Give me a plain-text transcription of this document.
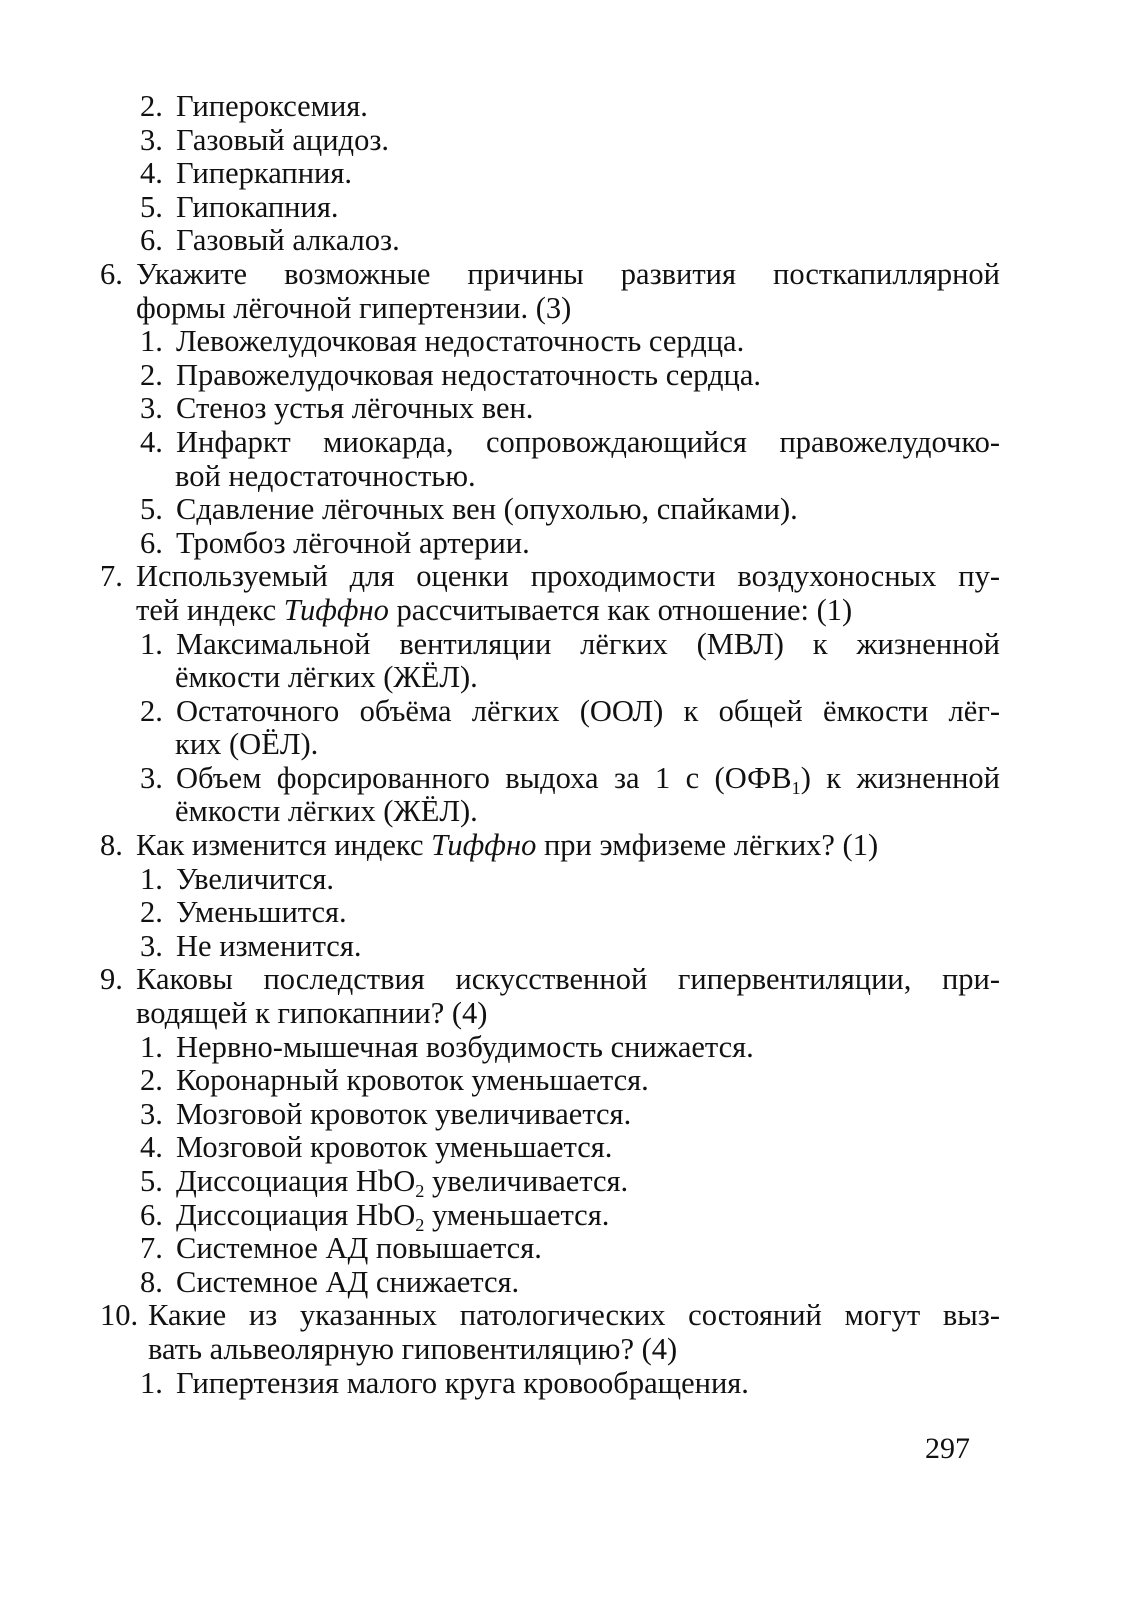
2. Гипероксемия.
3. Газовый ацидоз.
4. Гиперкапния.
5. Гипокапния.
6. Газовый алкалоз.
6. Укажите возможные причины развития посткапиллярной
формы лёгочной гипертензии. (3)
1. Левожелудочковая недостаточность сердца.
2. Правожелудочковая недостаточность сердца.
3. Стеноз устья лёгочных вен.
4. Инфаркт миокарда, сопровождающийся правожелудочко-
вой недостаточностью.
5. Сдавление лёгочных вен (опухолью, спайками).
6. Тромбоз лёгочной артерии.
7. Используемый для оценки проходимости воздухоносных пу-
тей индекс Тиффно рассчитывается как отношение: (1)
1. Максимальной вентиляции лёгких (МВЛ) к жизненной
ёмкости лёгких (ЖЁЛ).
2. Остаточного объёма лёгких (ООЛ) к общей ёмкости лёг-
ких (ОЁЛ).
3. Объем форсированного выдоха за 1 с $(ОФВ_1)$ к жизненной
ёмкости лёгких (ЖЁЛ).
8. Как изменится индекс Тиффно при эмфиземе лёгких? (1)
1. Увеличится.
2. Уменьшится.
3. Не изменится.
9. Каковы последствия искусственной гипервентиляции, при-
водящей к гипокапнии? (4)
1. Нервно-мышечная возбудимость снижается.
2. Коронарный кровоток уменьшается.
3. Мозговой кровоток увеличивается.
4. Мозговой кровоток уменьшается.
5. Диссоциация HbO$_2$ увеличивается.
6. Диссоциация HbO$_2$ уменьшается.
7. Системное АД повышается.
8. Системное АД снижается.
10. Какие из указанных патологических состояний могут выз-
вать альвеолярную гиповентиляцию? (4)
1. Гипертензия малого круга кровообращения.
297
